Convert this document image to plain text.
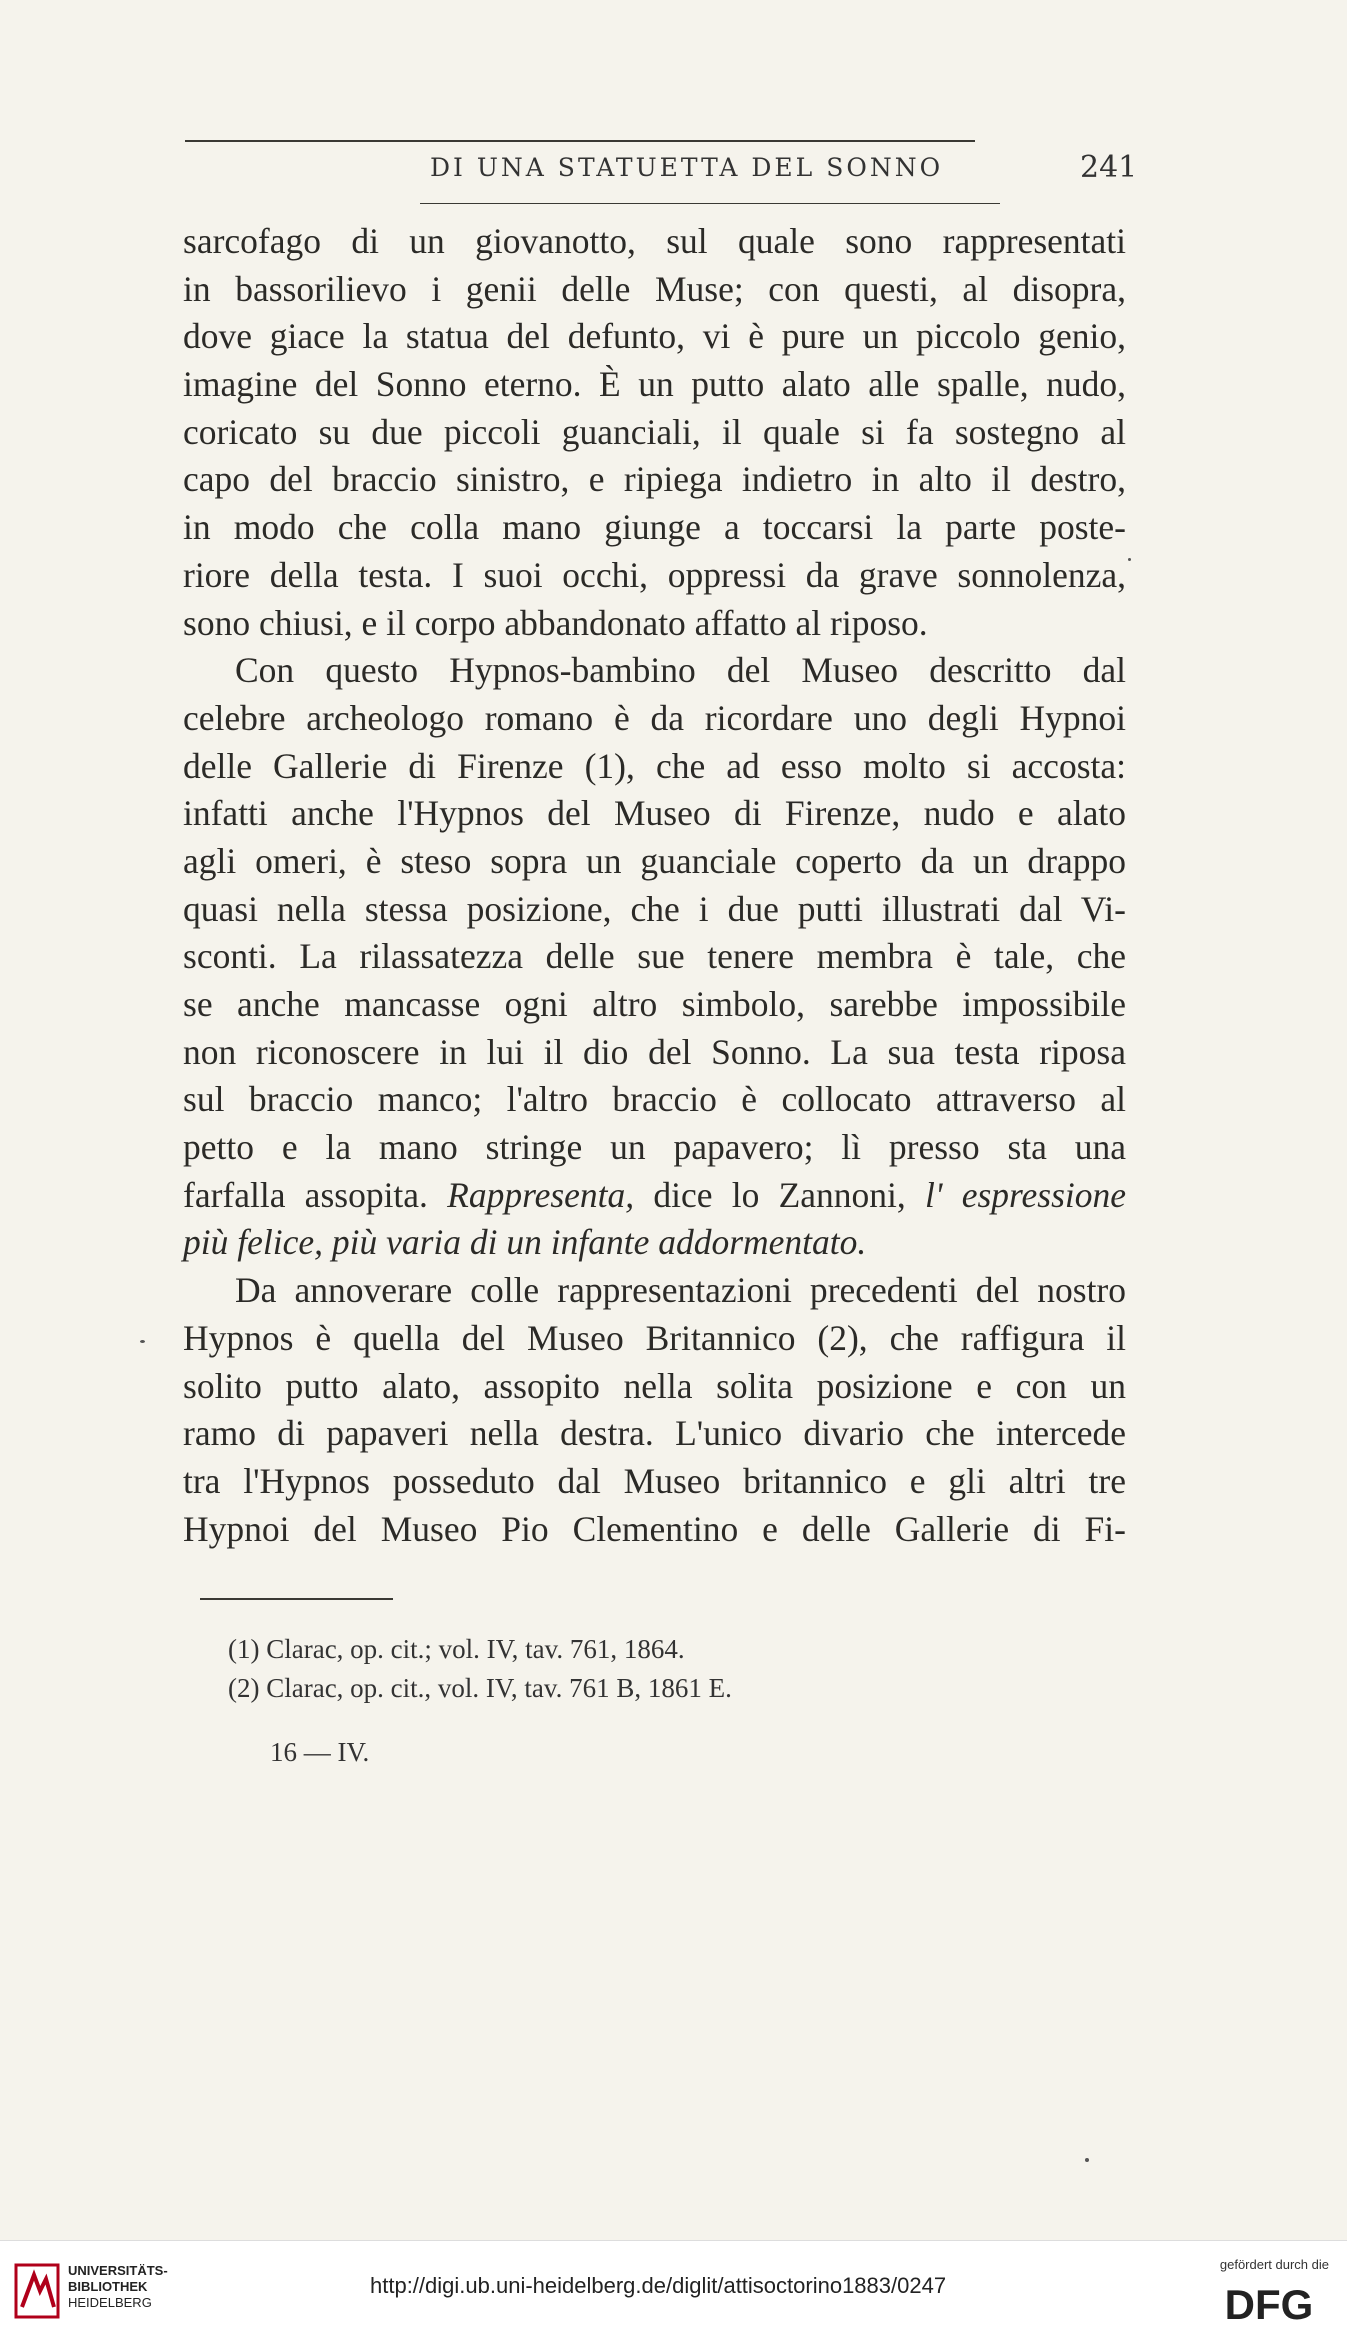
DI UNA STATUETTA DEL SONNO	241
sarcofago di un giovanotto, sul quale sono rappresentati
in bassorilievo i genii delle Muse; con questi, al disopra,
dove giace la statua del defunto, vi è pure un piccolo genio,
imagine del Sonno eterno. È un putto alato alle spalle, nudo,
coricato su due piccoli guanciali, il quale si fa sostegno al
capo del braccio sinistro, e ripiega indietro in alto il destro,
in modo che colla mano giunge a toccarsi la parte poste-
riore della testa. I suoi occhi, oppressi da grave sonnolenza,
sono chiusi, e il corpo abbandonato affatto al riposo.
Con questo Hypnos-bambino del Museo descritto dal
celebre archeologo romano è da ricordare uno degli Hypnoi
delle Gallerie di Firenze (1), che ad esso molto si accosta:
infatti anche l'Hypnos del Museo di Firenze, nudo e alato
agli omeri, è steso sopra un guanciale coperto da un drappo
quasi nella stessa posizione, che i due putti illustrati dal Vi-
sconti. La rilassatezza delle sue tenere membra è tale, che
se anche mancasse ogni altro simbolo, sarebbe impossibile
non riconoscere in lui il dio del Sonno. La sua testa riposa
sul braccio manco; l'altro braccio è collocato attraverso al
petto e la mano stringe un papavero; lì presso sta una
farfalla assopita. Rappresenta, dice lo Zannoni, l' espressione
più felice, più varia di un infante addormentato.
Da annoverare colle rappresentazioni precedenti del nostro
Hypnos è quella del Museo Britannico (2), che raffigura il
solito putto alato, assopito nella solita posizione e con un
ramo di papaveri nella destra. L'unico divario che intercede
tra l'Hypnos posseduto dal Museo britannico e gli altri tre
Hypnoi del Museo Pio Clementino e delle Gallerie di Fi-
(1) Clarac, op. cit.; vol. IV, tav. 761, 1864.
(2) Clarac, op. cit., vol. IV, tav. 761 B, 1861 E.
16 — IV.
UNIVERSITÄTS-
BIBLIOTHEK
HEIDELBERG
http://digi.ub.uni-heidelberg.de/diglit/attisoctorino1883/0247
gefördert durch die
DFG
